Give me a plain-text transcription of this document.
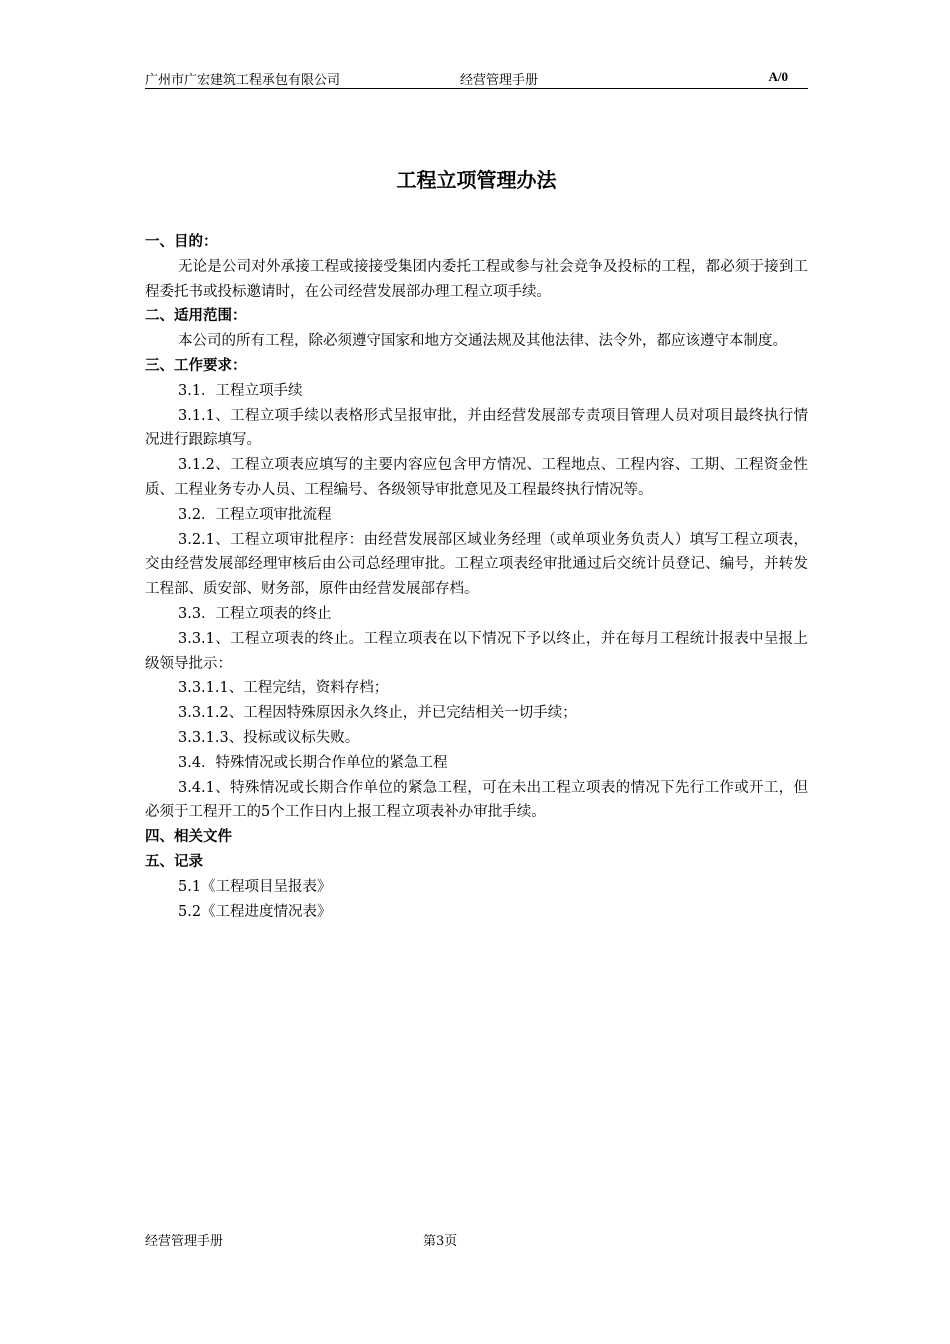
广州市广宏建筑工程承包有限公司	经营管理手册	A/0
工程立项管理办法

一、目的：

无论是公司对外承接工程或接接受集团内委托工程或参与社会竞争及投标的工程，都必须于接到工程委托书或投标邀请时，在公司经营发展部办理工程立项手续。

二、适用范围：

本公司的所有工程，除必须遵守国家和地方交通法规及其他法律、法令外，都应该遵守本制度。

三、工作要求：

3.1．工程立项手续

3.1.1、工程立项手续以表格形式呈报审批，并由经营发展部专责项目管理人员对项目最终执行情况进行跟踪填写。

3.1.2、工程立项表应填写的主要内容应包含甲方情况、工程地点、工程内容、工期、工程资金性质、工程业务专办人员、工程编号、各级领导审批意见及工程最终执行情况等。

3.2．工程立项审批流程

3.2.1、工程立项审批程序：由经营发展部区域业务经理（或单项业务负责人）填写工程立项表，交由经营发展部经理审核后由公司总经理审批。工程立项表经审批通过后交统计员登记、编号，并转发工程部、质安部、财务部，原件由经营发展部存档。

3.3．工程立项表的终止

3.3.1、工程立项表的终止。工程立项表在以下情况下予以终止，并在每月工程统计报表中呈报上级领导批示：

3.3.1.1、工程完结，资料存档；

3.3.1.2、工程因特殊原因永久终止，并已完结相关一切手续；

3.3.1.3、投标或议标失败。

3.4．特殊情况或长期合作单位的紧急工程

3.4.1、特殊情况或长期合作单位的紧急工程，可在未出工程立项表的情况下先行工作或开工，但必须于工程开工的5个工作日内上报工程立项表补办审批手续。

四、相关文件

五、记录

5.1《工程项目呈报表》

5.2《工程进度情况表》

经营管理手册	第3页
